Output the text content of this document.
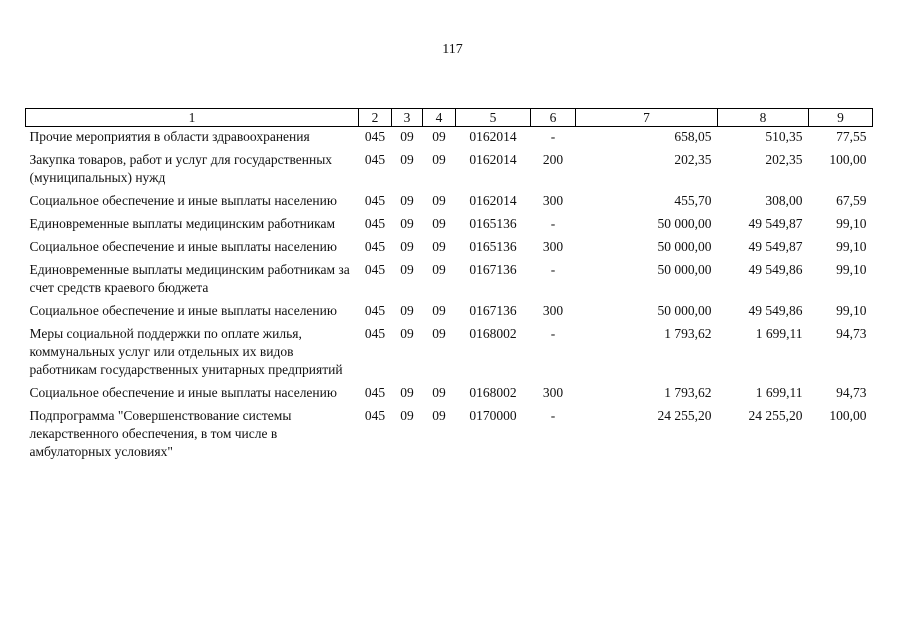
117
1	2	3	4	5	6	7	8	9
Прочие мероприятия в области здравоохранения	045	09	09	0162014	-	658,05	510,35	77,55
Закупка товаров, работ и услуг для государственных (муниципальных) нужд	045	09	09	0162014	200	202,35	202,35	100,00
Социальное обеспечение и иные выплаты населению	045	09	09	0162014	300	455,70	308,00	67,59
Единовременные выплаты медицинским работникам	045	09	09	0165136	-	50 000,00	49 549,87	99,10
Социальное обеспечение и иные выплаты населению	045	09	09	0165136	300	50 000,00	49 549,87	99,10
Единовременные выплаты медицинским работникам за счет средств краевого бюджета	045	09	09	0167136	-	50 000,00	49 549,86	99,10
Социальное обеспечение и иные выплаты населению	045	09	09	0167136	300	50 000,00	49 549,86	99,10
Меры социальной поддержки по оплате жилья, коммунальных услуг или отдельных их видов работникам государственных унитарных предприятий	045	09	09	0168002	-	1 793,62	1 699,11	94,73
Социальное обеспечение и иные выплаты населению	045	09	09	0168002	300	1 793,62	1 699,11	94,73
Подпрограмма "Совершенствование системы лекарственного обеспечения, в том числе в амбулаторных условиях"	045	09	09	0170000	-	24 255,20	24 255,20	100,00
